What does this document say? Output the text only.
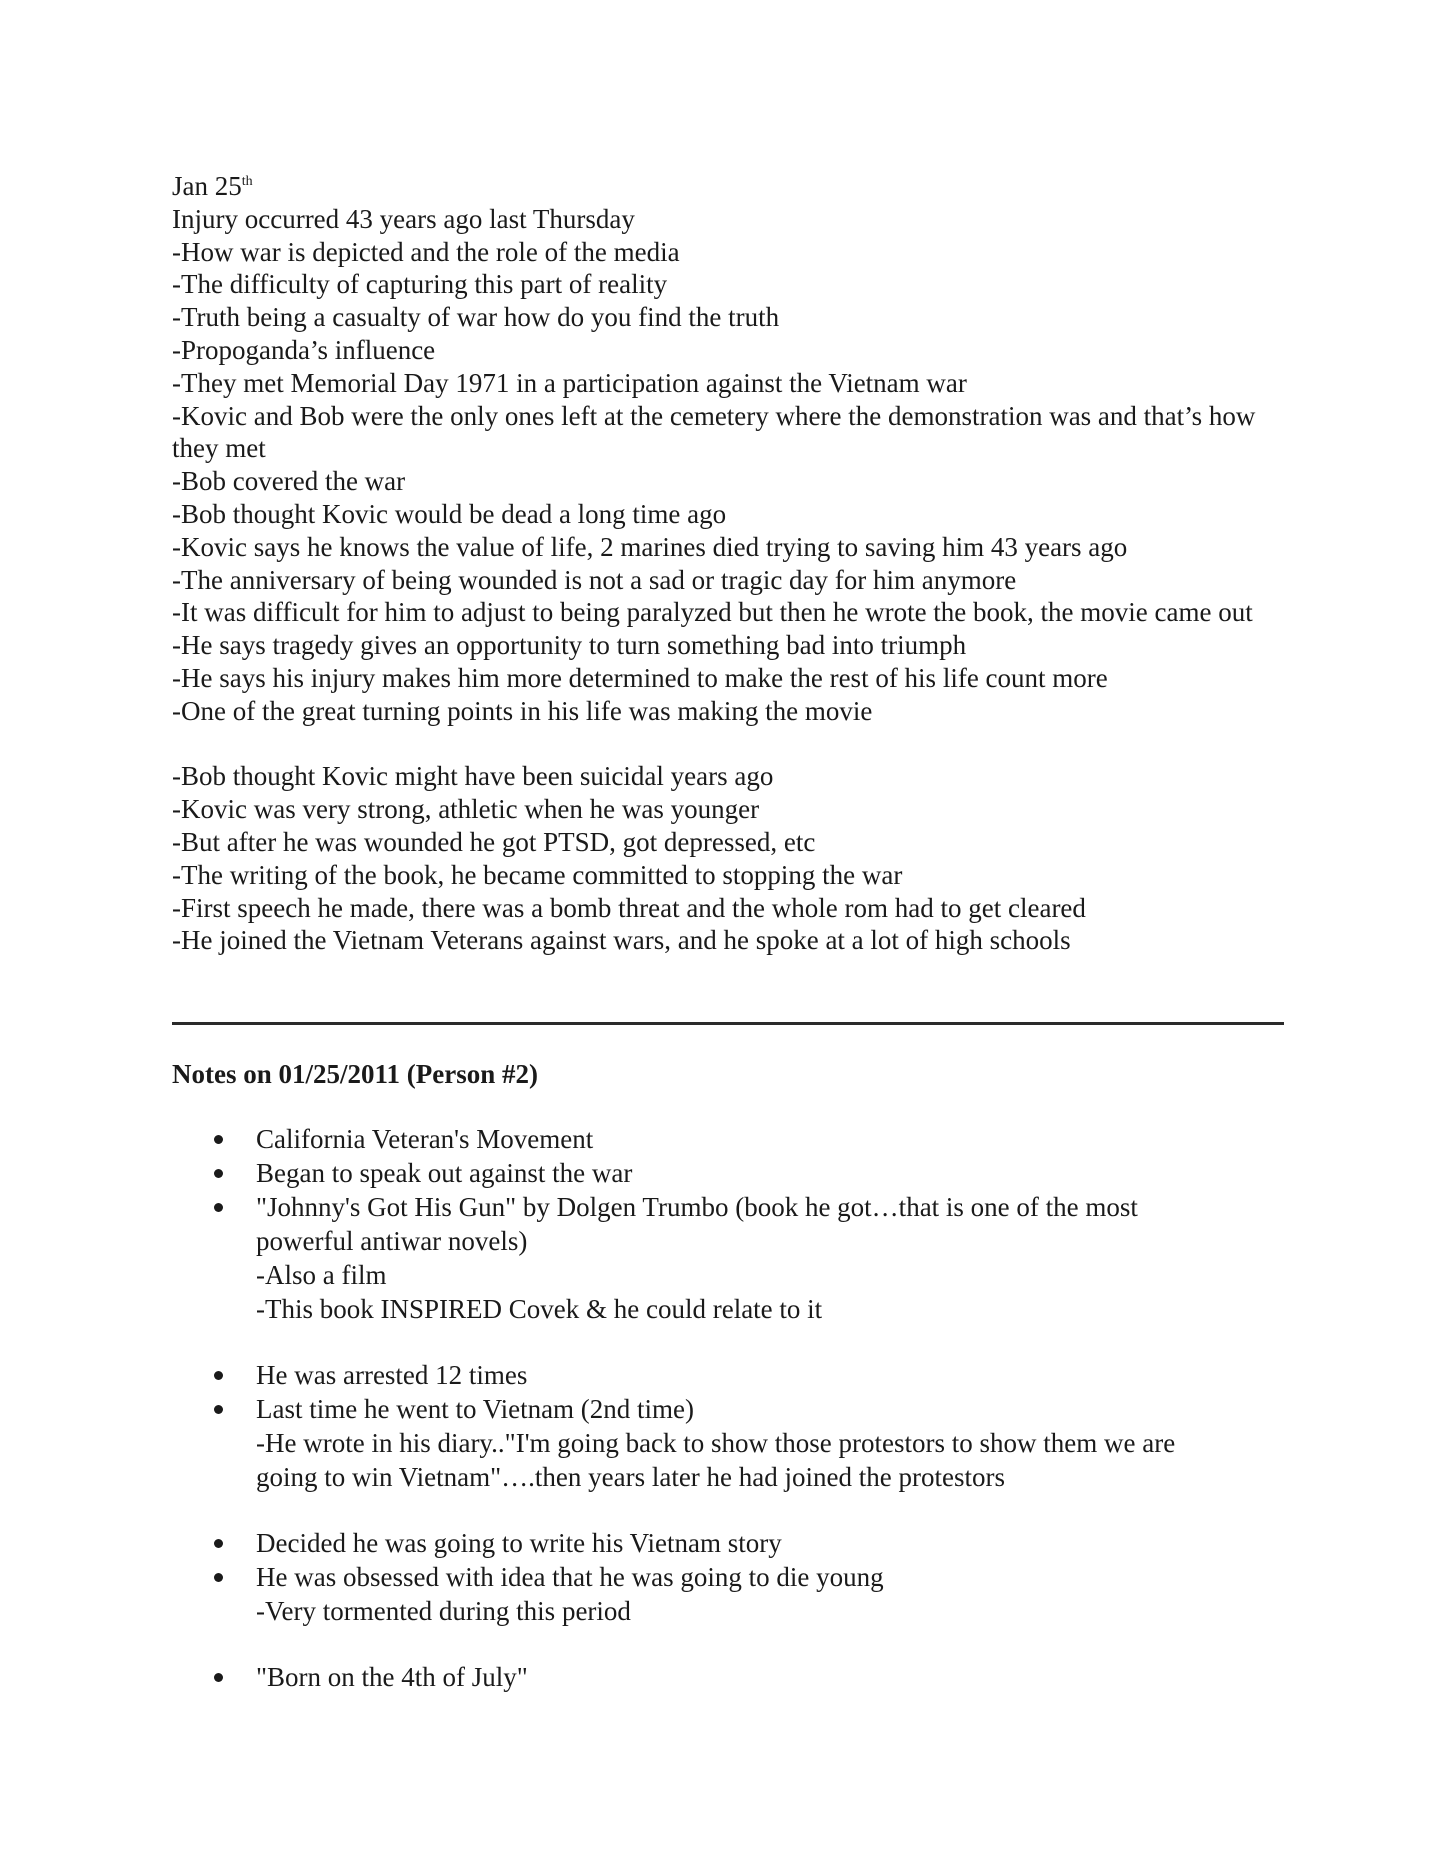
Jan 25th
Injury occurred 43 years ago last Thursday
-How war is depicted and the role of the media
-The difficulty of capturing this part of reality
-Truth being a casualty of war how do you find the truth
-Propoganda’s influence
-They met Memorial Day 1971 in a participation against the Vietnam war
-Kovic and Bob were the only ones left at the cemetery where the demonstration was and that’s how they met
-Bob covered the war
-Bob thought Kovic would be dead a long time ago
-Kovic says he knows the value of life, 2 marines died trying to saving him 43 years ago
-The anniversary of being wounded is not a sad or tragic day for him anymore
-It was difficult for him to adjust to being paralyzed but then he wrote the book, the movie came out
-He says tragedy gives an opportunity to turn something bad into triumph
-He says his injury makes him more determined to make the rest of his life count more
-One of the great turning points in his life was making the movie
-Bob thought Kovic might have been suicidal years ago
-Kovic was very strong, athletic when he was younger
-But after he was wounded he got PTSD, got depressed, etc
-The writing of the book, he became committed to stopping the war
-First speech he made, there was a bomb threat and the whole rom had to get cleared
-He joined the Vietnam Veterans against wars, and he spoke at a lot of high schools
Notes on 01/25/2011 (Person #2)
California Veteran's Movement
Began to speak out against the war
"Johnny's Got His Gun" by Dolgen Trumbo (book he got…that is one of the most powerful antiwar novels)
-Also a film
-This book INSPIRED Covek & he could relate to it
He was arrested 12 times
Last time he went to Vietnam (2nd time)
-He wrote in his diary.."I'm going back to show those protestors to show them we are going to win Vietnam"….then years later he had joined the protestors
Decided he was going to write his Vietnam story
He was obsessed with idea that he was going to die young
-Very tormented during this period
"Born on the 4th of July"
